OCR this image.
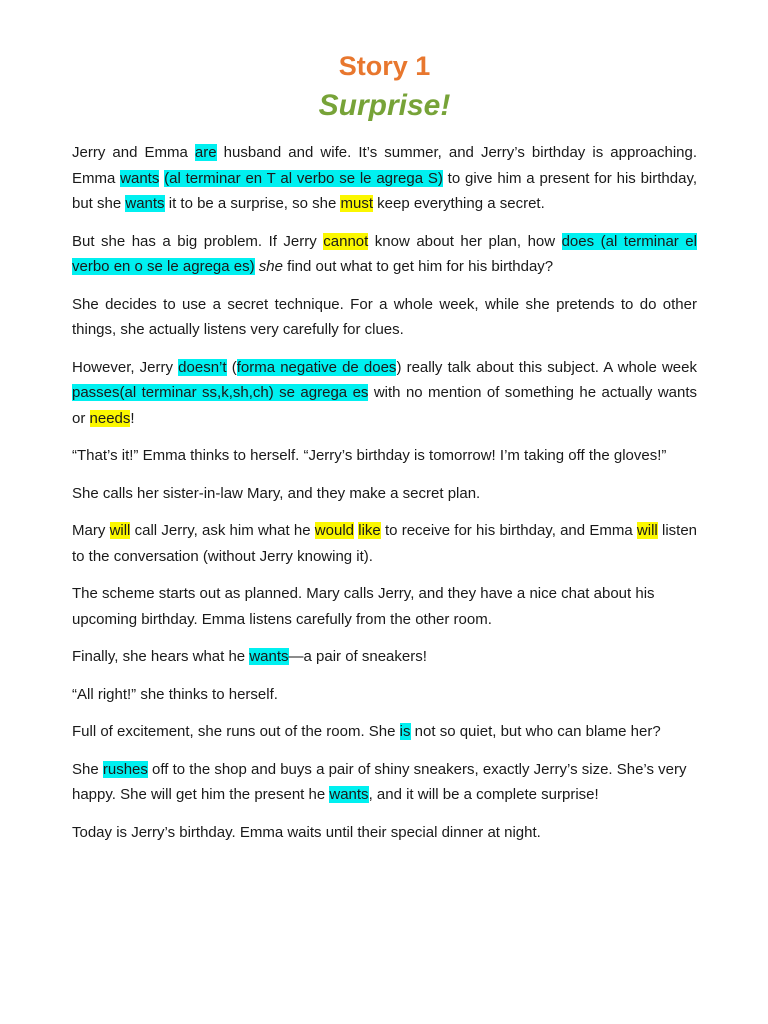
Story 1
Surprise!

Jerry and Emma are husband and wife. It’s summer, and Jerry’s birthday is approaching. Emma wants (al terminar en T al verbo se le agrega S) to give him a present for his birthday, but she wants it to be a surprise, so she must keep everything a secret.

But she has a big problem. If Jerry cannot know about her plan, how does (al terminar el verbo en o se le agrega es) she find out what to get him for his birthday?

She decides to use a secret technique. For a whole week, while she pretends to do other things, she actually listens very carefully for clues.

However, Jerry doesn’t (forma negative de does) really talk about this subject. A whole week passes(al terminar ss,k,sh,ch) se agrega es with no mention of something he actually wants or needs!

“That’s it!” Emma thinks to herself. “Jerry’s birthday is tomorrow! I’m taking off the gloves!”

She calls her sister-in-law Mary, and they make a secret plan.

Mary will call Jerry, ask him what he would like to receive for his birthday, and Emma will listen to the conversation (without Jerry knowing it).

The scheme starts out as planned. Mary calls Jerry, and they have a nice chat about his upcoming birthday. Emma listens carefully from the other room.

Finally, she hears what he wants—a pair of sneakers!

“All right!” she thinks to herself.

Full of excitement, she runs out of the room. She is not so quiet, but who can blame her?

She rushes off to the shop and buys a pair of shiny sneakers, exactly Jerry’s size. She’s very happy. She will get him the present he wants, and it will be a complete surprise!

Today is Jerry’s birthday. Emma waits until their special dinner at night.
